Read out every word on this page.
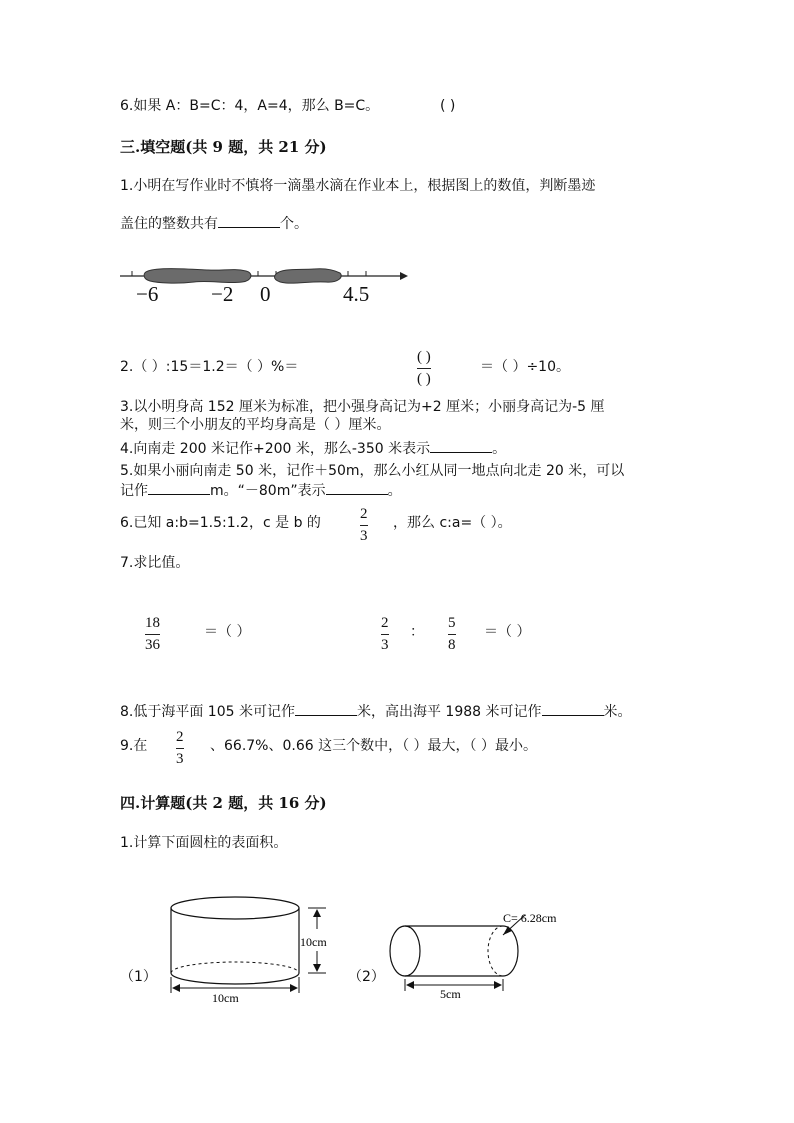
6.如果 A：B=C：4，A=4，那么 B=C。	( )
三.填空题(共 9 题，共 21 分)
1.小明在写作业时不慎将一滴墨水滴在作业本上，根据图上的数值，判断墨迹
盖住的整数共有	个。
−6	−2 0	4.5
2.（ ）:15＝1.2＝（ ）%＝
( )
( )
＝（ ）÷10。
3.以小明身高 152 厘米为标准，把小强身高记为+2 厘米；小丽身高记为-5 厘
米，则三个小朋友的平均身高是（ ）厘米。
4.向南走 200 米记作+200 米，那么-350 米表示	。
5.如果小丽向南走 50 米，记作＋50m，那么小红从同一地点向北走 20 米，可以
记作	m。“－80m”表示	。
6.已知 a:b=1.5:1.2，c 是 b 的
2
3
，那么 c:a=（ ）。
7.求比值。
18
36
＝（ ）
2
3
：
5
8
＝（ ）
8.低于海平面 105 米可记作	米，高出海平 1988 米可记作	米。
9.在
2
3
、66.7%、0.66 这三个数中，（ ）最大，（ ）最小。
四.计算题(共 2 题，共 16 分)
1.计算下面圆柱的表面积。
（1）
10cm
10cm
（2）
C= 6.28cm
5cm
